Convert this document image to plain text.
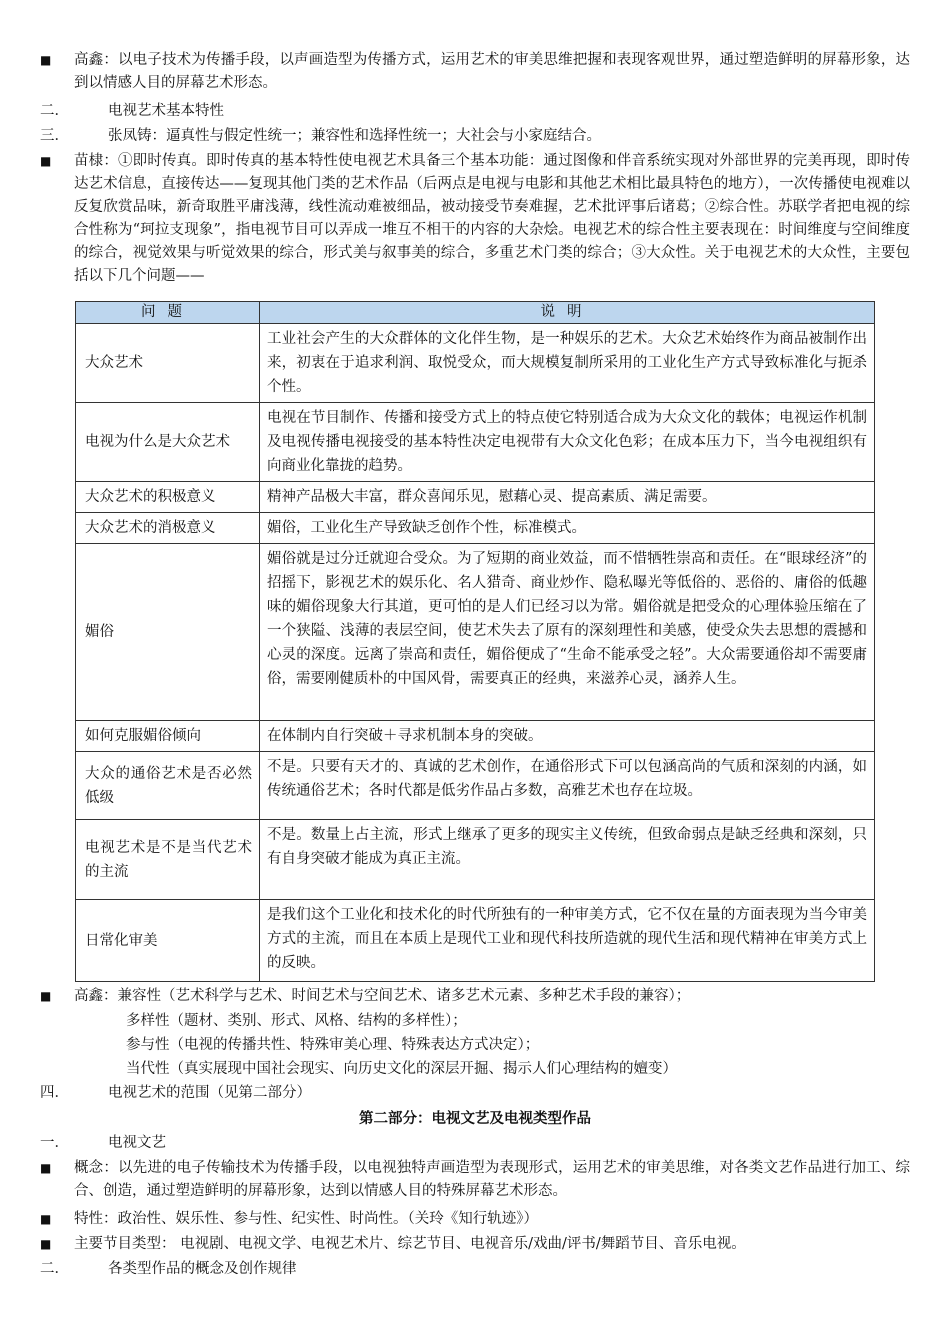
■	高鑫：以电子技术为传播手段，以声画造型为传播方式，运用艺术的审美思维把握和表现客观世界，通过塑造鲜明的屏幕形象，达到以情感人目的屏幕艺术形态。
二．	电视艺术基本特性
三．	张凤铸：逼真性与假定性统一；兼容性和选择性统一；大社会与小家庭结合。
■	苗棣：①即时传真。即时传真的基本特性使电视艺术具备三个基本功能：通过图像和伴音系统实现对外部世界的完美再现，即时传达艺术信息，直接传达——复现其他门类的艺术作品（后两点是电视与电影和其他艺术相比最具特色的地方），一次传播使电视难以反复欣赏品味，新奇取胜平庸浅薄，线性流动难被细品，被动接受节奏难握，艺术批评事后诸葛；②综合性。苏联学者把电视的综合性称为“珂拉支现象”，指电视节目可以弄成一堆互不相干的内容的大杂烩。电视艺术的综合性主要表现在：时间维度与空间维度的综合，视觉效果与听觉效果的综合，形式美与叙事美的综合，多重艺术门类的综合；③大众性。关于电视艺术的大众性，主要包括以下几个问题——
问题	说明
大众艺术	工业社会产生的大众群体的文化伴生物，是一种娱乐的艺术。大众艺术始终作为商品被制作出来，初衷在于追求利润、取悦受众，而大规模复制所采用的工业化生产方式导致标准化与扼杀个性。
电视为什么是大众艺术	电视在节目制作、传播和接受方式上的特点使它特别适合成为大众文化的载体；电视运作机制及电视传播电视接受的基本特性决定电视带有大众文化色彩；在成本压力下，当今电视组织有向商业化靠拢的趋势。
大众艺术的积极意义	精神产品极大丰富，群众喜闻乐见，慰藉心灵、提高素质、满足需要。
大众艺术的消极意义	媚俗，工业化生产导致缺乏创作个性，标准模式。
媚俗	媚俗就是过分迁就迎合受众。为了短期的商业效益，而不惜牺牲崇高和责任。在“眼球经济”的招摇下，影视艺术的娱乐化、名人猎奇、商业炒作、隐私曝光等低俗的、恶俗的、庸俗的低趣味的媚俗现象大行其道，更可怕的是人们已经习以为常。媚俗就是把受众的心理体验压缩在了一个狭隘、浅薄的表层空间，使艺术失去了原有的深刻理性和美感，使受众失去思想的震撼和心灵的深度。远离了崇高和责任，媚俗便成了“生命不能承受之轻”。大众需要通俗却不需要庸俗，需要刚健质朴的中国风骨，需要真正的经典，来滋养心灵，涵养人生。
如何克服媚俗倾向	在体制内自行突破＋寻求机制本身的突破。
大众的通俗艺术是否必然低级	不是。只要有天才的、真诚的艺术创作，在通俗形式下可以包涵高尚的气质和深刻的内涵，如传统通俗艺术；各时代都是低劣作品占多数，高雅艺术也存在垃圾。
电视艺术是不是当代艺术的主流	不是。数量上占主流，形式上继承了更多的现实主义传统，但致命弱点是缺乏经典和深刻，只有自身突破才能成为真正主流。
日常化审美	是我们这个工业化和技术化的时代所独有的一种审美方式，它不仅在量的方面表现为当今审美方式的主流，而且在本质上是现代工业和现代科技所造就的现代生活和现代精神在审美方式上的反映。
■	高鑫：兼容性（艺术科学与艺术、时间艺术与空间艺术、诸多艺术元素、多种艺术手段的兼容）；
多样性（题材、类别、形式、风格、结构的多样性）；
参与性（电视的传播共性、特殊审美心理、特殊表达方式决定）；
当代性（真实展现中国社会现实、向历史文化的深层开掘、揭示人们心理结构的嬗变）
四．	电视艺术的范围（见第二部分）
第二部分：电视文艺及电视类型作品
一．	电视文艺
■	概念：以先进的电子传输技术为传播手段，以电视独特声画造型为表现形式，运用艺术的审美思维，对各类文艺作品进行加工、综合、创造，通过塑造鲜明的屏幕形象，达到以情感人目的特殊屏幕艺术形态。
■	特性：政治性、娱乐性、参与性、纪实性、时尚性。（关玲《知行轨迹》）
■	主要节目类型： 电视剧、电视文学、电视艺术片、综艺节目、电视音乐/戏曲/评书/舞蹈节目、音乐电视。
二．	各类型作品的概念及创作规律
